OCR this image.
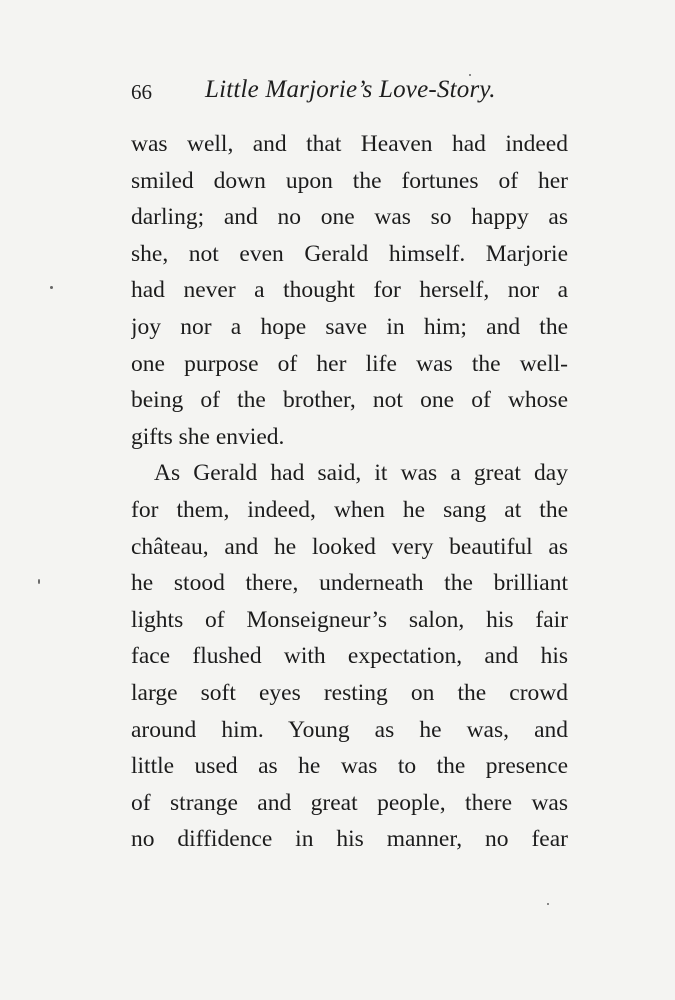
66 Little Marjorie’s Love-Story.
was well, and that Heaven had indeed
smiled down upon the fortunes of her
darling; and no one was so happy as
she, not even Gerald himself. Marjorie
had never a thought for herself, nor a
joy nor a hope save in him; and the
one purpose of her life was the well-
being of the brother, not one of whose
gifts she envied.
As Gerald had said, it was a great day
for them, indeed, when he sang at the
château, and he looked very beautiful as
he stood there, underneath the brilliant
lights of Monseigneur’s salon, his fair
face flushed with expectation, and his
large soft eyes resting on the crowd
around him. Young as he was, and
little used as he was to the presence
of strange and great people, there was
no diffidence in his manner, no fear
